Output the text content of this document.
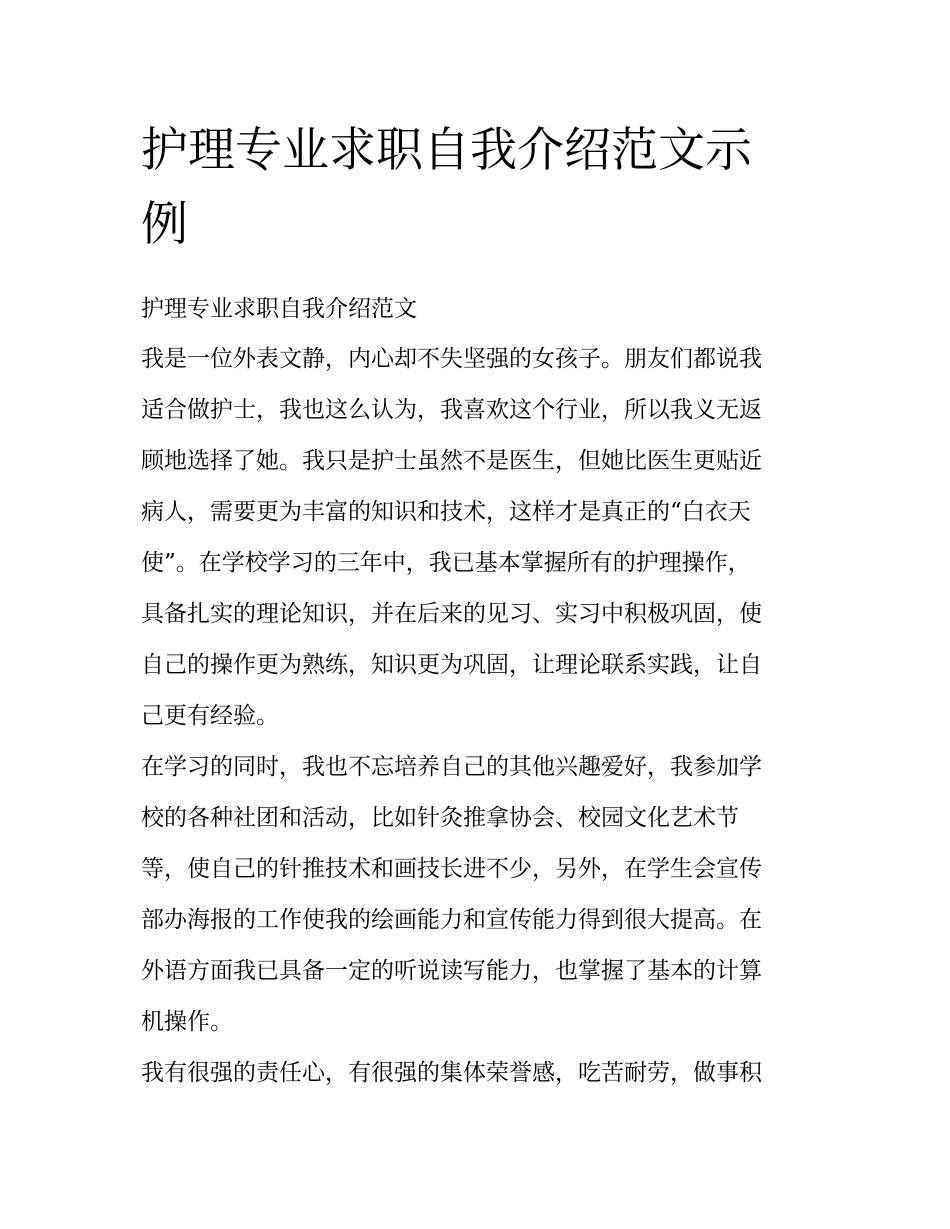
护理专业求职自我介绍范文示
例

护理专业求职自我介绍范文

我是一位外表文静，内心却不失坚强的女孩子。朋友们都说我
适合做护士，我也这么认为，我喜欢这个行业，所以我义无返
顾地选择了她。我只是护士虽然不是医生，但她比医生更贴近
病人，需要更为丰富的知识和技术，这样才是真正的“白衣天
使”。在学校学习的三年中，我已基本掌握所有的护理操作，
具备扎实的理论知识，并在后来的见习、实习中积极巩固，使
自己的操作更为熟练，知识更为巩固，让理论联系实践，让自
己更有经验。

在学习的同时，我也不忘培养自己的其他兴趣爱好，我参加学
校的各种社团和活动，比如针灸推拿协会、校园文化艺术节
等，使自己的针推技术和画技长进不少，另外，在学生会宣传
部办海报的工作使我的绘画能力和宣传能力得到很大提高。在
外语方面我已具备一定的听说读写能力，也掌握了基本的计算
机操作。

我有很强的责任心，有很强的集体荣誉感，吃苦耐劳，做事积
